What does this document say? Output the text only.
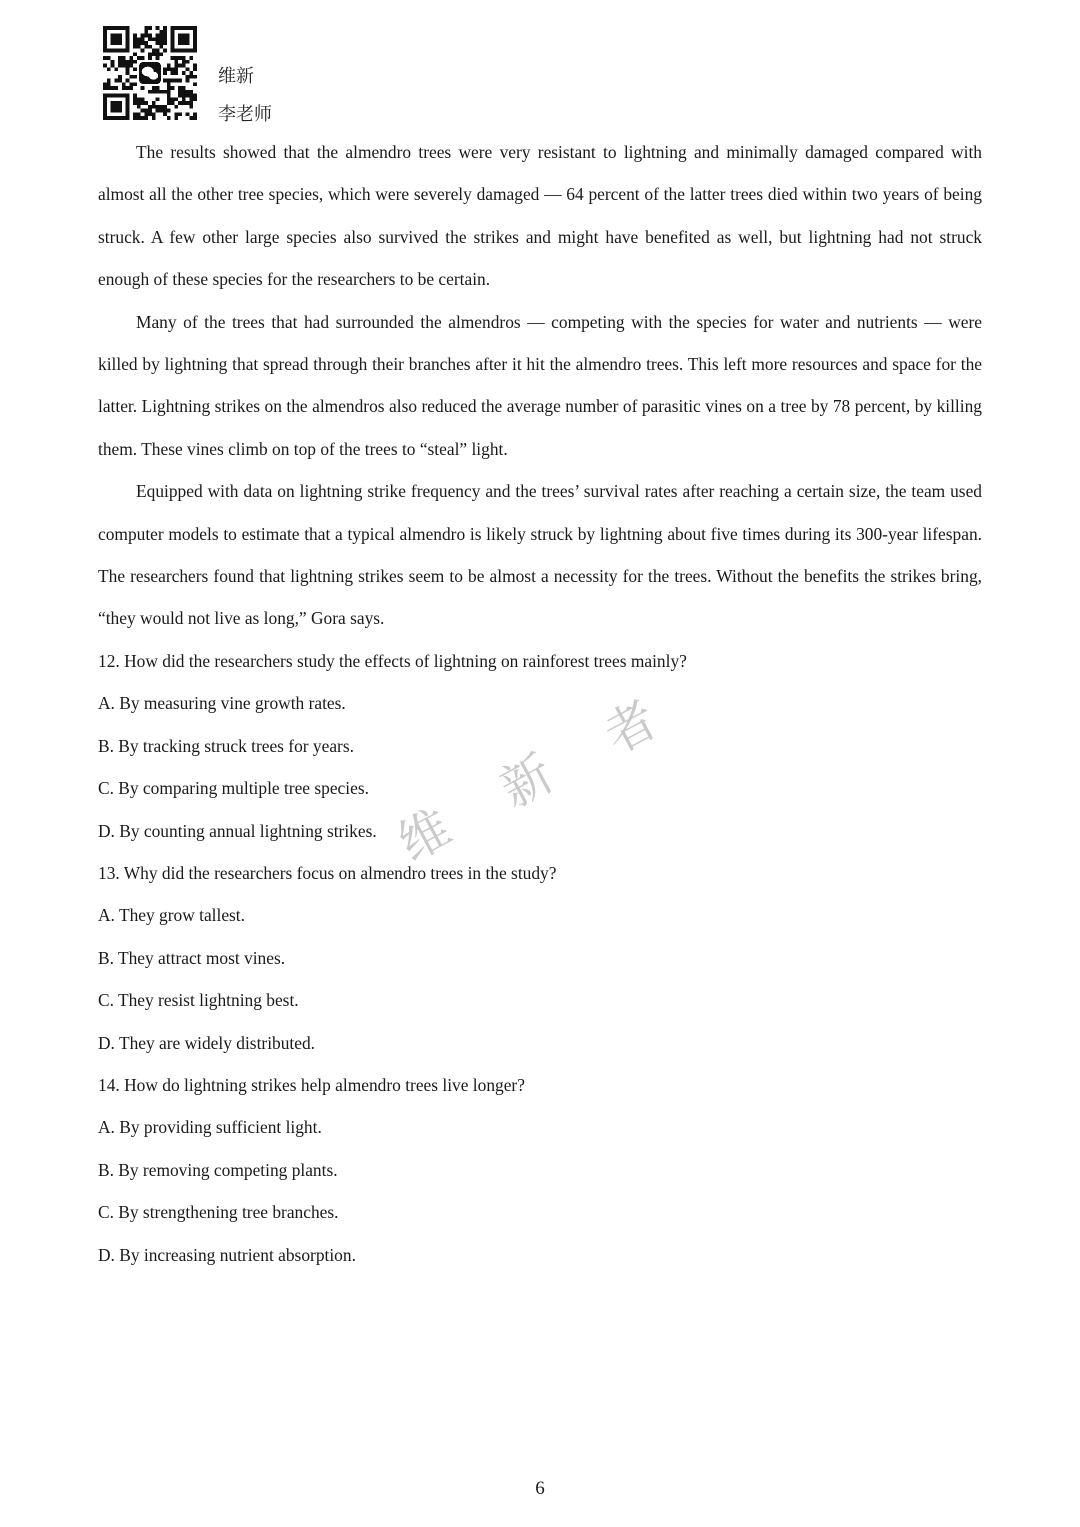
维新
李老师

The results showed that the almendro trees were very resistant to lightning and minimally damaged compared with almost all the other tree species, which were severely damaged — 64 percent of the latter trees died within two years of being struck. A few other large species also survived the strikes and might have benefited as well, but lightning had not struck enough of these species for the researchers to be certain.

Many of the trees that had surrounded the almendros — competing with the species for water and nutrients — were killed by lightning that spread through their branches after it hit the almendro trees. This left more resources and space for the latter. Lightning strikes on the almendros also reduced the average number of parasitic vines on a tree by 78 percent, by killing them. These vines climb on top of the trees to “steal” light.

Equipped with data on lightning strike frequency and the trees’ survival rates after reaching a certain size, the team used computer models to estimate that a typical almendro is likely struck by lightning about five times during its 300-year lifespan. The researchers found that lightning strikes seem to be almost a necessity for the trees. Without the benefits the strikes bring, “they would not live as long,” Gora says.

12. How did the researchers study the effects of lightning on rainforest trees mainly?

A. By measuring vine growth rates.

B. By tracking struck trees for years.

C. By comparing multiple tree species.

D. By counting annual lightning strikes.

13. Why did the researchers focus on almendro trees in the study?

A. They grow tallest.

B. They attract most vines.

C. They resist lightning best.

D. They are widely distributed.

14. How do lightning strikes help almendro trees live longer?

A. By providing sufficient light.

B. By removing competing plants.

C. By strengthening tree branches.

D. By increasing nutrient absorption.

维
新
者
6
